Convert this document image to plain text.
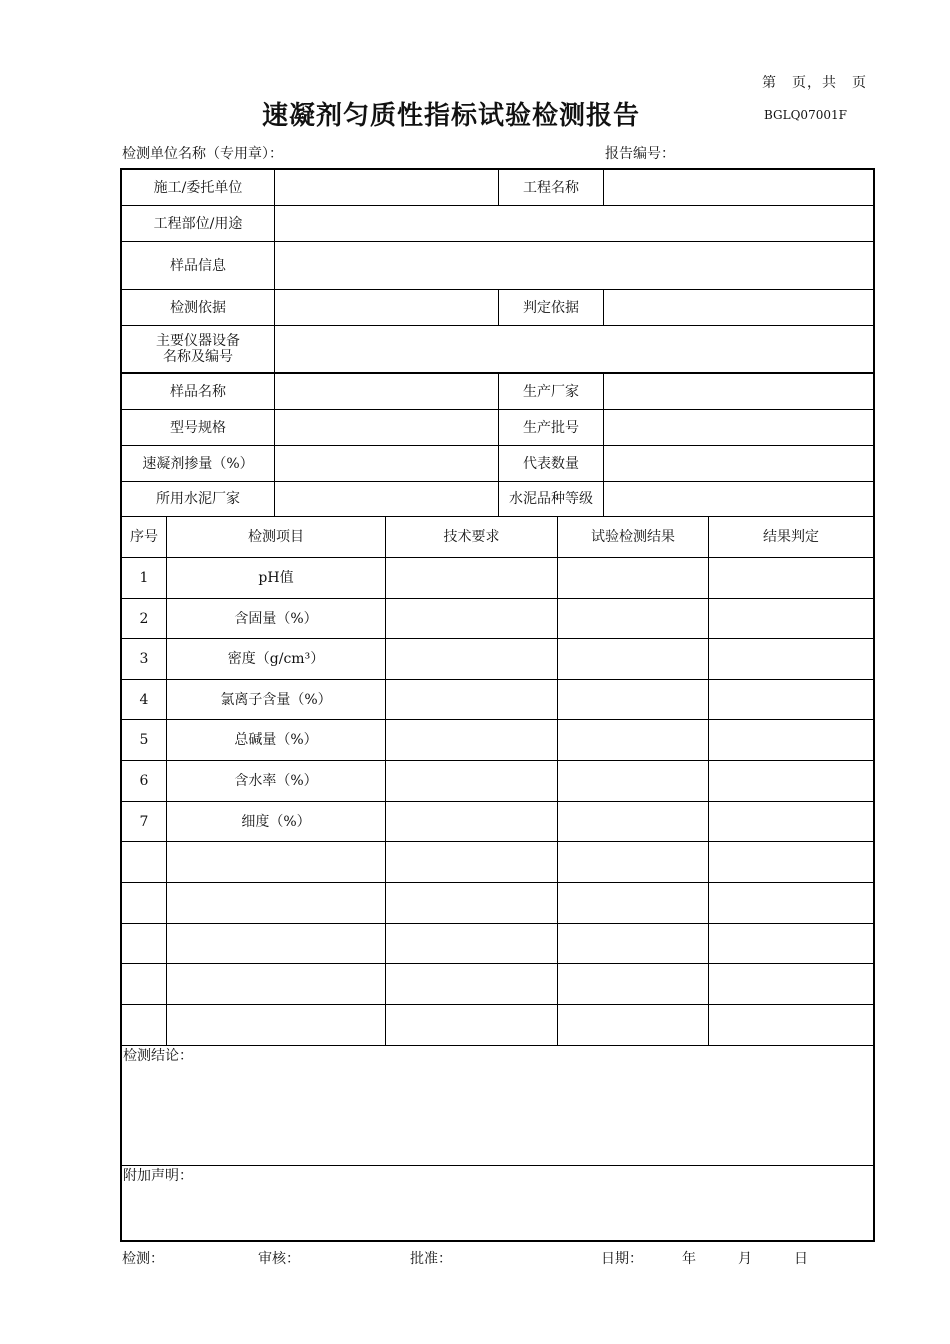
第　页，共　页
速凝剂匀质性指标试验检测报告	BGLQ07001F
检测单位名称（专用章）：	报告编号：
施工/委托单位	工程名称
工程部位/用途
样品信息
检测依据	判定依据
主要仪器设备
名称及编号
样品名称	生产厂家
型号规格	生产批号
速凝剂掺量（%）	代表数量
所用水泥厂家	水泥品种等级
序号	检测项目	技术要求	试验检测结果	结果判定
1	pH值
2	含固量（%）
3	密度（g/cm³）
4	氯离子含量（%）
5	总碱量（%）
6	含水率（%）
7	细度（%）
检测结论：
附加声明：
检测：	审核：	批准：	日期：	年	月	日
